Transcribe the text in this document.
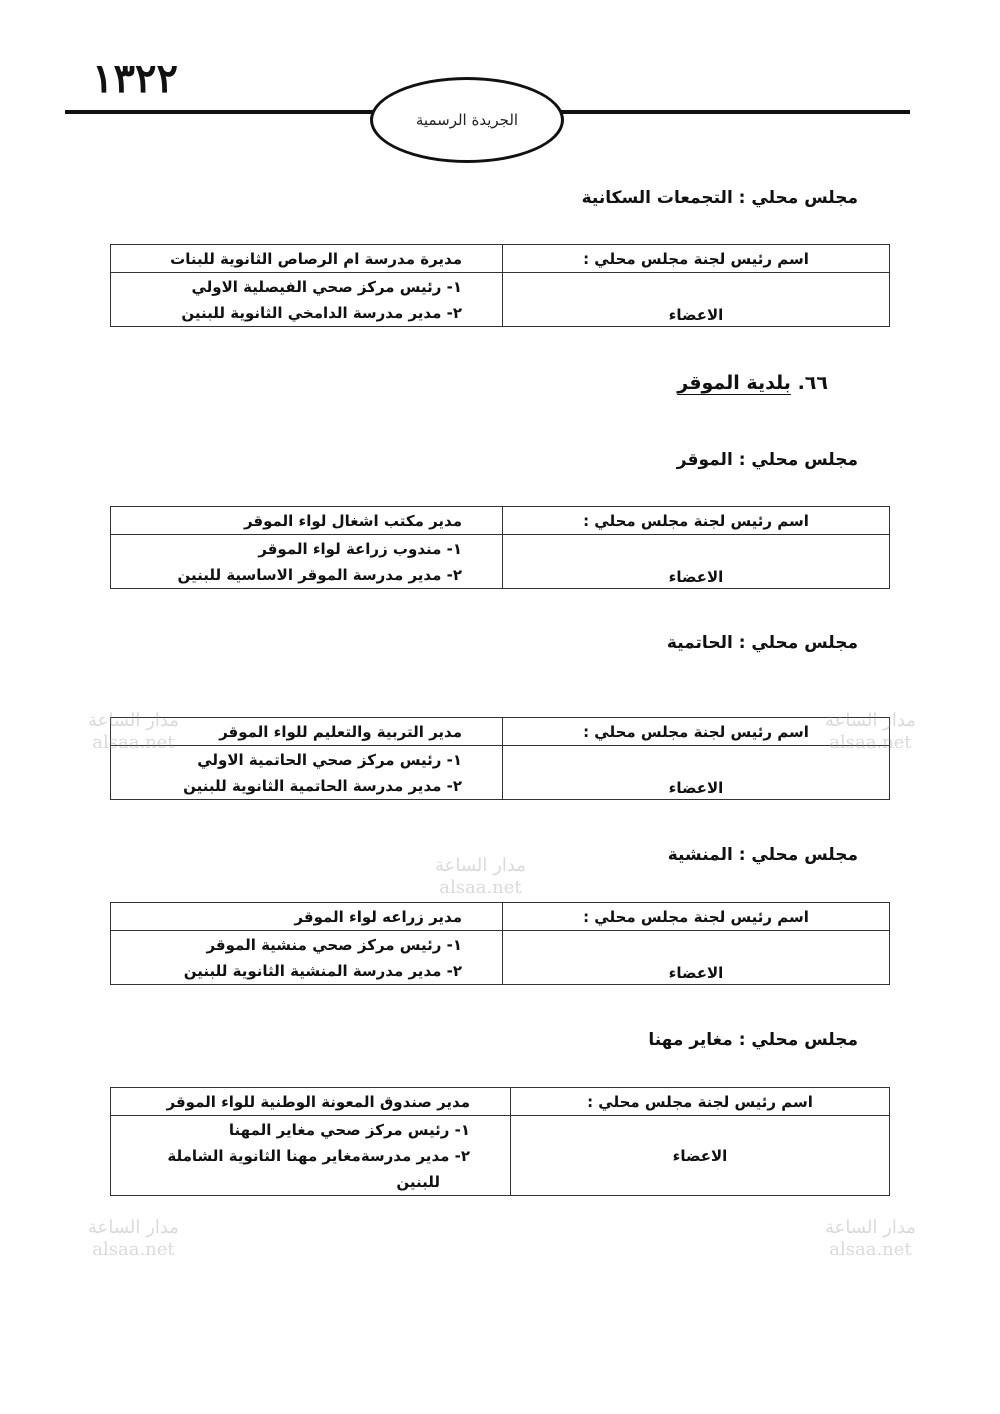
١٣٢٢
الجريدة الرسمية
مجلس محلي : التجمعات السكانية
اسم رئيس لجنة مجلس محلي :	مديرة مدرسة ام الرصاص الثانوية للبنات
الاعضاء	١- رئيس مركز صحي الفيصلية الاولي
٢- مدير مدرسة الدامخي الثانوية للبنين
٦٦. بلدية الموقر
مجلس محلي : الموقر
اسم رئيس لجنة مجلس محلي :	مدير مكتب اشغال لواء الموقر
الاعضاء	١- مندوب زراعة لواء الموقر
٢- مدير مدرسة الموقر الاساسية للبنين
مجلس محلي : الحاتمية
اسم رئيس لجنة مجلس محلي :	مدير التربية والتعليم للواء الموقر
الاعضاء	١- رئيس مركز صحي الحاتمية الاولي
٢- مدير مدرسة الحاتمية الثانوية للبنين
مجلس محلي : المنشية
اسم رئيس لجنة مجلس محلي :	مدير زراعه لواء الموقر
الاعضاء	١- رئيس مركز صحي منشية الموقر
٢- مدير مدرسة المنشية الثانوية للبنين
مجلس محلي : مغاير مهنا
اسم رئيس لجنة مجلس محلي :	مدير صندوق المعونة الوطنية للواء الموقر
الاعضاء	١- رئيس مركز صحي مغاير المهنا
٢- مدير مدرسةمغاير مهنا الثانوية الشاملة
للبنين
مدار الساعة
alsaa.net
مدار الساعة
alsaa.net
مدار الساعة
alsaa.net
مدار الساعة
alsaa.net
مدار الساعة
alsaa.net
